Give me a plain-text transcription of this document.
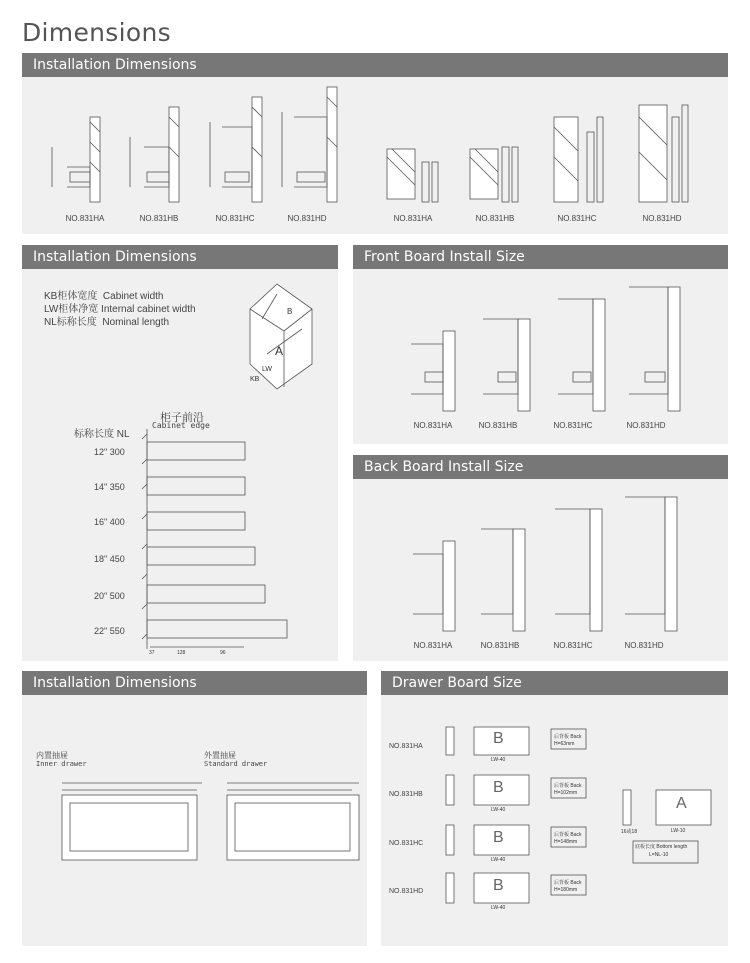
Dimensions
Installation Dimensions
NO.831HA	NO.831HB	NO.831HC	NO.831HD	NO.831HA	NO.831HB	NO.831HC	NO.831HD
Installation Dimensions
KB柜体宽度 Cabinet width
LW柜体净宽 Internal cabinet width
NL标称长度 Nominal length
B
A
LW
KB
柜子前沿
Cabinet edge
标称长度 NL
12" 300
14" 350
16" 400
18" 450
20" 500
22" 550
37	128	96
Front Board Install Size
NO.831HA	NO.831HB	NO.831HC	NO.831HD
Back Board Install Size
NO.831HA	NO.831HB	NO.831HC	NO.831HD
Installation Dimensions
内置抽屉
Inner drawer
外置抽屉
Standard drawer
Drawer Board Size
NO.831HA
NO.831HB
NO.831HC
NO.831HD
B
B
B
B
A
后背板 Back
H=63mm
后背板 Back
H=102mm
后背板 Back
H=148mm
后背板 Back
H=180mm
LW-40
LW-40
LW-40
LW-40
LW-10
16或18
底板长度 Bottom length
L=NL-10
